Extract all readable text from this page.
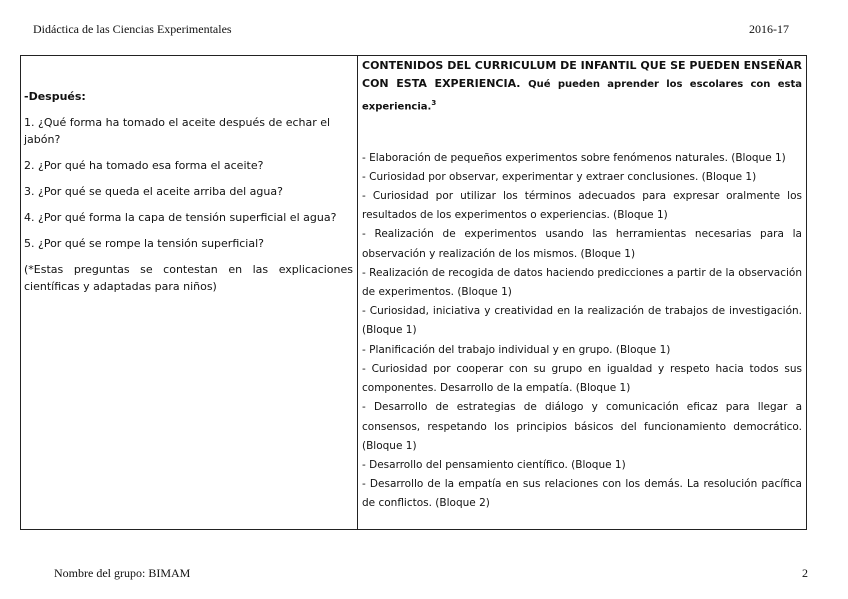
Didáctica de las Ciencias Experimentales	2016-17
-Después:
1. ¿Qué forma ha tomado el aceite después de echar el jabón?
2. ¿Por qué ha tomado esa forma el aceite?
3. ¿Por qué se queda el aceite arriba del agua?
4. ¿Por qué forma la capa de tensión superficial el agua?
5. ¿Por qué se rompe la tensión superficial?
(*Estas preguntas se contestan en las explicaciones científicas y adaptadas para niños)
CONTENIDOS DEL CURRICULUM DE INFANTIL QUE SE PUEDEN ENSEÑAR CON ESTA EXPERIENCIA. Qué pueden aprender los escolares con esta experiencia.$^3$
- Elaboración de pequeños experimentos sobre fenómenos naturales. (Bloque 1)
- Curiosidad por observar, experimentar y extraer conclusiones. (Bloque 1)
- Curiosidad por utilizar los términos adecuados para expresar oralmente los resultados de los experimentos o experiencias. (Bloque 1)
- Realización de experimentos usando las herramientas necesarias para la observación y realización de los mismos. (Bloque 1)
- Realización de recogida de datos haciendo predicciones a partir de la observación de experimentos. (Bloque 1)
- Curiosidad, iniciativa y creatividad en la realización de trabajos de investigación. (Bloque 1)
- Planificación del trabajo individual y en grupo. (Bloque 1)
- Curiosidad por cooperar con su grupo en igualdad y respeto hacia todos sus componentes. Desarrollo de la empatía. (Bloque 1)
- Desarrollo de estrategias de diálogo y comunicación eficaz para llegar a consensos, respetando los principios básicos del funcionamiento democrático. (Bloque 1)
- Desarrollo del pensamiento científico. (Bloque 1)
- Desarrollo de la empatía en sus relaciones con los demás. La resolución pacífica de conflictos. (Bloque 2)
Nombre del grupo: BIMAM	2
